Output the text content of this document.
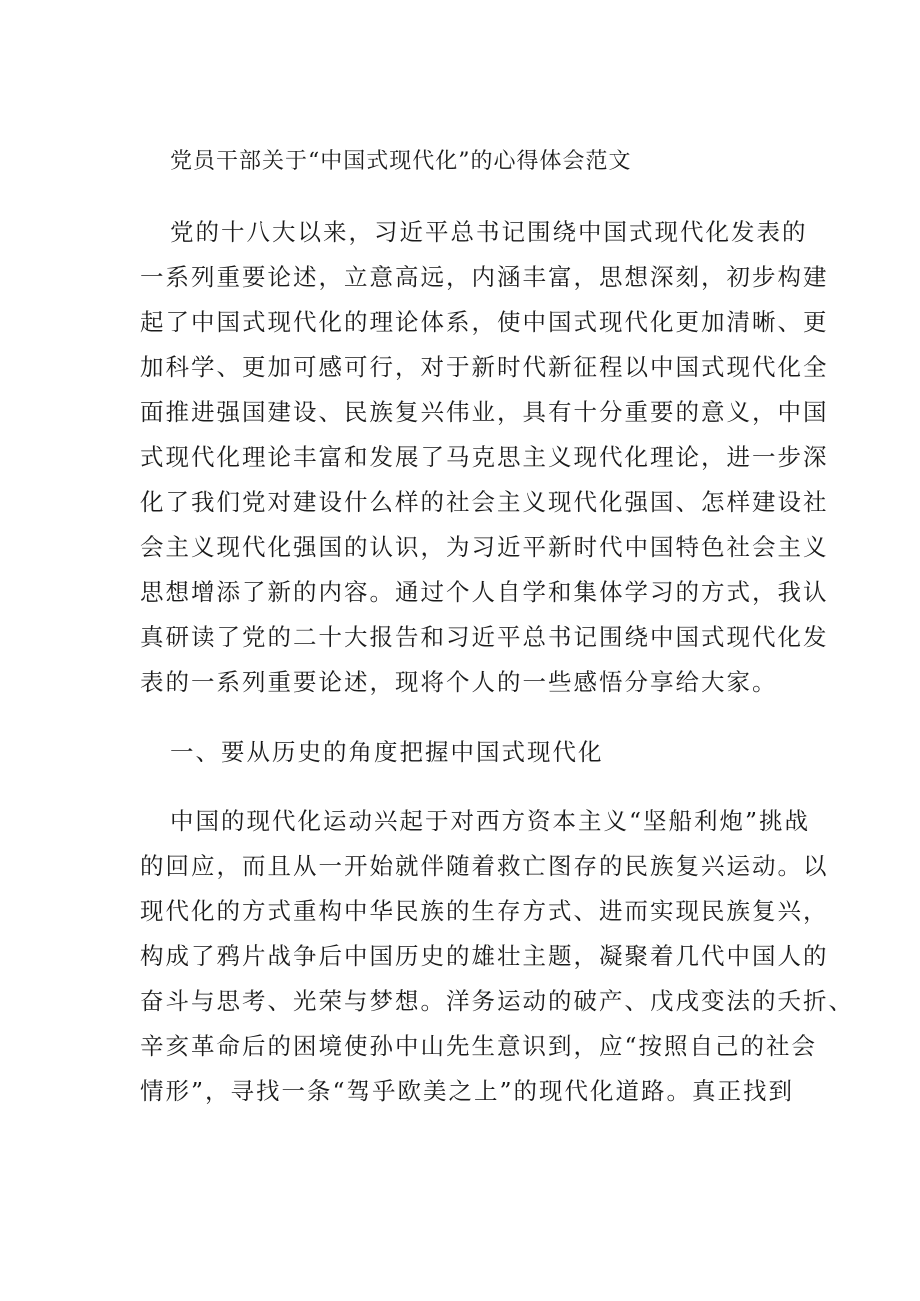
党员干部关于“中国式现代化”的心得体会范文
党的十八大以来，习近平总书记围绕中国式现代化发表的
一系列重要论述，立意高远，内涵丰富，思想深刻，初步构建
起了中国式现代化的理论体系，使中国式现代化更加清晰、更
加科学、更加可感可行，对于新时代新征程以中国式现代化全
面推进强国建设、民族复兴伟业，具有十分重要的意义，中国
式现代化理论丰富和发展了马克思主义现代化理论，进一步深
化了我们党对建设什么样的社会主义现代化强国、怎样建设社
会主义现代化强国的认识，为习近平新时代中国特色社会主义
思想增添了新的内容。通过个人自学和集体学习的方式，我认
真研读了党的二十大报告和习近平总书记围绕中国式现代化发
表的一系列重要论述，现将个人的一些感悟分享给大家。
一、要从历史的角度把握中国式现代化
中国的现代化运动兴起于对西方资本主义“坚船利炮”挑战
的回应，而且从一开始就伴随着救亡图存的民族复兴运动。以
现代化的方式重构中华民族的生存方式、进而实现民族复兴，
构成了鸦片战争后中国历史的雄壮主题，凝聚着几代中国人的
奋斗与思考、光荣与梦想。洋务运动的破产、戊戌变法的夭折、
辛亥革命后的困境使孙中山先生意识到，应“按照自己的社会
情形”，寻找一条“驾乎欧美之上”的现代化道路。真正找到
